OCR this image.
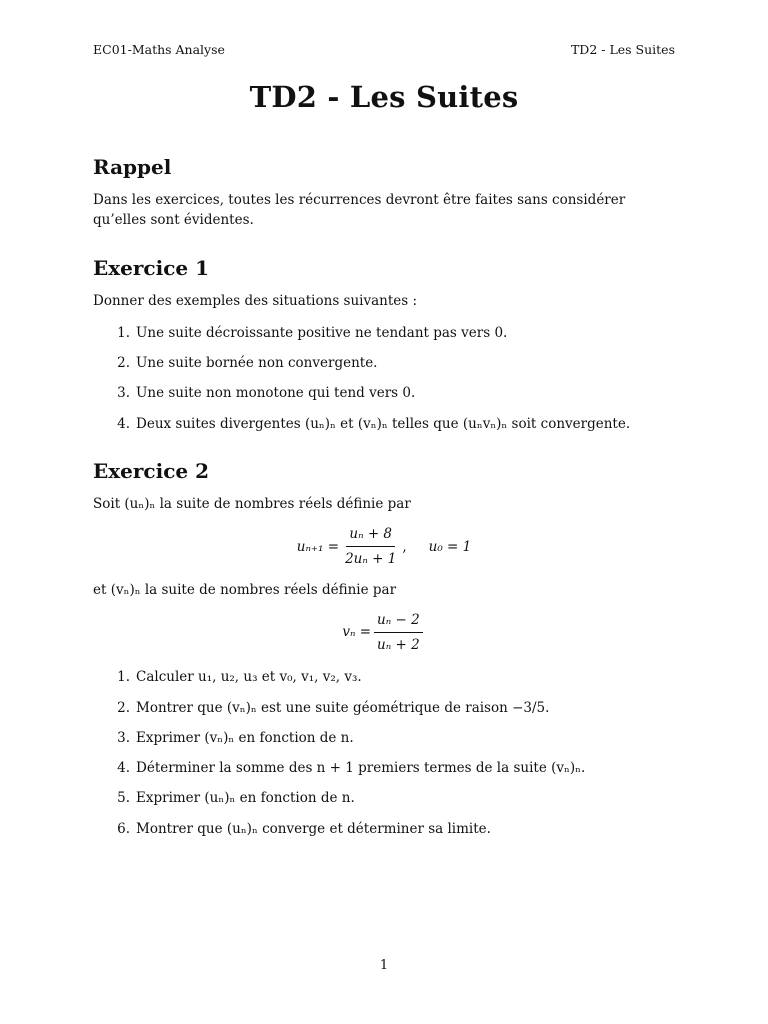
EC01-Maths Analyse	TD2 - Les Suites
TD2 - Les Suites
Rappel

Dans les exercices, toutes les récurrences devront être faites sans considérer qu’elles sont évidentes.

Exercice 1

Donner des exemples des situations suivantes :

1. Une suite décroissante positive ne tendant pas vers 0.
2. Une suite bornée non convergente.
3. Une suite non monotone qui tend vers 0.
4. Deux suites divergentes (uₙ)ₙ et (vₙ)ₙ telles que (uₙvₙ)ₙ soit convergente.
Exercice 2

Soit (uₙ)ₙ la suite de nombres réels définie par

$u_{n+1} = \frac{\text{uₙ + 8}}{\text{2uₙ + 1}}$ , u₀ = 1

et (vₙ)ₙ la suite de nombres réels définie par

$v_n = \frac{\text{uₙ − 2}}{\text{uₙ + 2}}$
1. Calculer u₁, u₂, u₃ et v₀, v₁, v₂, v₃.
2. Montrer que (vₙ)ₙ est une suite géométrique de raison −3/5.
3. Exprimer (vₙ)ₙ en fonction de n.
4. Déterminer la somme des n + 1 premiers termes de la suite (vₙ)ₙ.
5. Exprimer (uₙ)ₙ en fonction de n.
6. Montrer que (uₙ)ₙ converge et déterminer sa limite.
1
